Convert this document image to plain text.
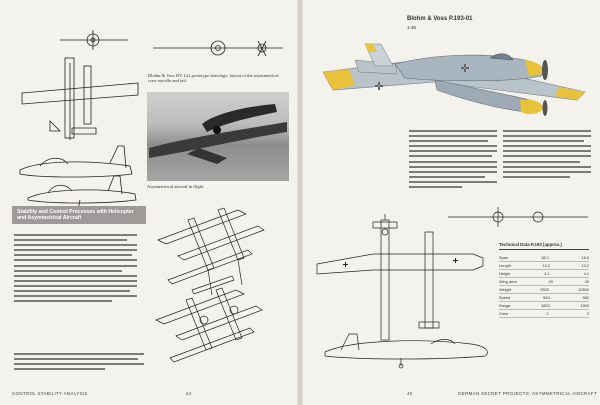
Blohm & Voss BV 141 prototype drawings: layout of the asymmetrical crew nacelle and tail.
Asymmetrical aircraft in flight.
Stability and Control Processes with Helicopter and Asymmetrical Aircraft
CONTROL STABILITY ANALYSIS	44
Blohm & Voss P.193-01
1:48
Technical Data P.193 (approx.)
Span	18.0	18.0
Length	13.2	13.2
Height	4.1	4.1
Wing area	49	49
Weight	9500	10500
Speed	540	560
Range	1800	1900
Crew	2	2
45	GERMAN SECRET PROJECTS: ASYMMETRICAL AIRCRAFT
